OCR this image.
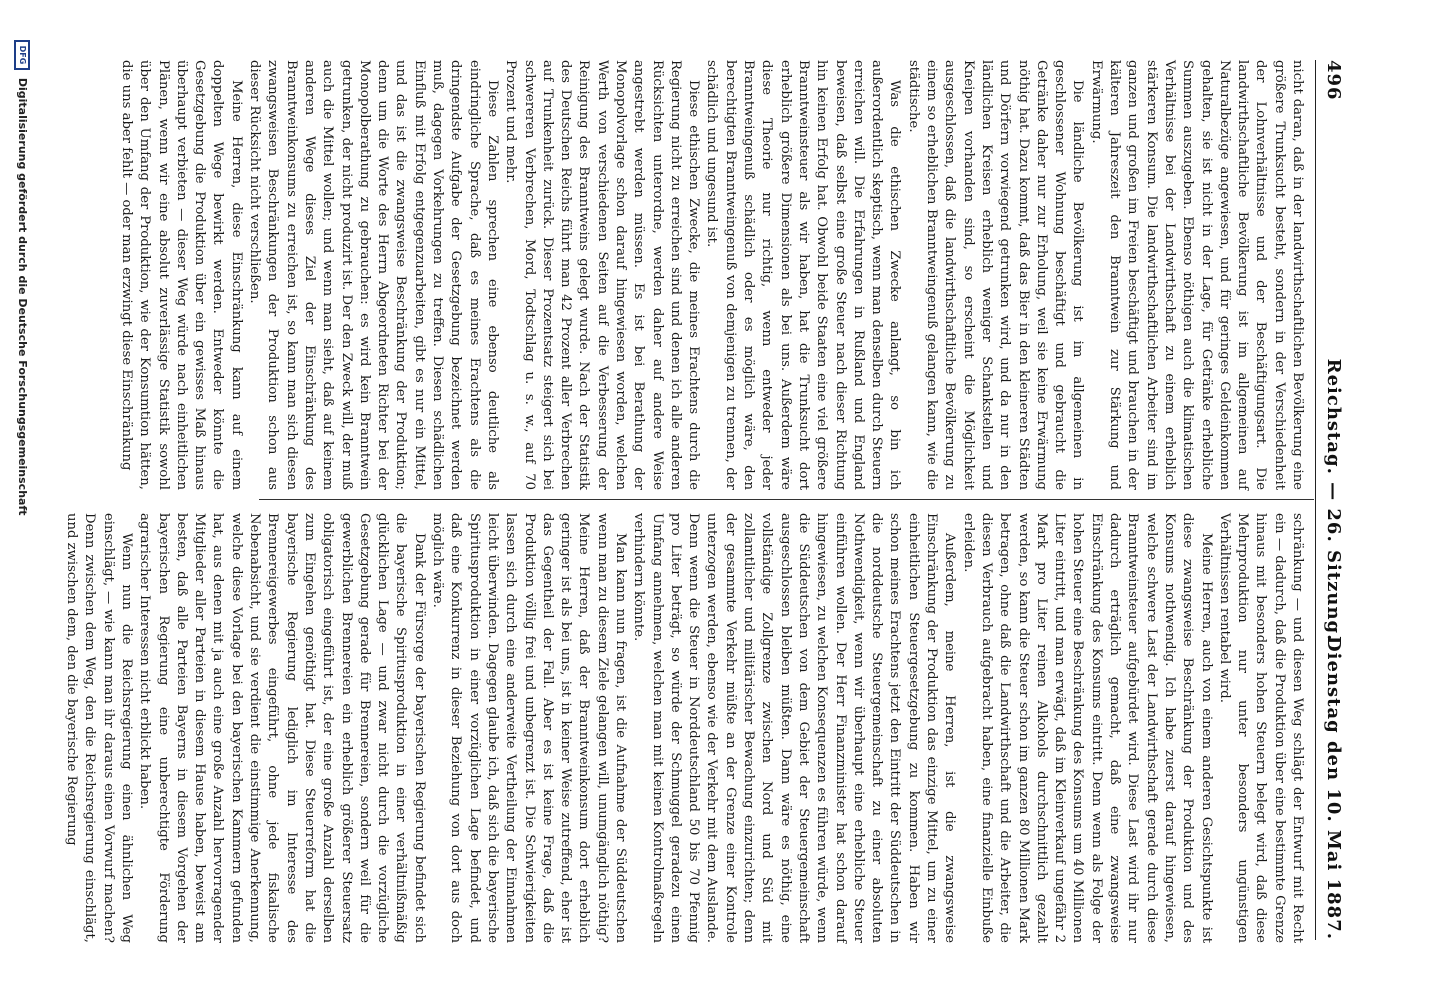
496
Reichstag. — 26. Sitzung.
Dienstag den 10. Mai 1887.

nicht daran, daß in der landwirthschaftlichen Bevölkerung eine größere Trunksucht besteht, sondern in der Verschiedenheit der Lohnverhältnisse und der Beschäftigungsart. Die landwirthschaftliche Bevölkerung ist im allgemeinen auf Naturalbezüge angewiesen, und für geringes Geldeinkommen gehalten, sie ist nicht in der Lage, für Getränke erhebliche Summen auszugeben. Ebenso nöthigen auch die klimatischen Verhältnisse bei der Landwirthschaft zu einem erheblich stärkeren Konsum. Die landwirthschaftlichen Arbeiter sind im ganzen und großen im Freien beschäftigt und brauchen in der kälteren Jahreszeit den Branntwein zur Stärkung und Erwärmung.

Die ländliche Bevölkerung ist im allgemeinen in geschlossener Wohnung beschäftigt und gebraucht die Getränke daher nur zur Erholung, weil sie keine Erwärmung nöthig hat. Dazu kommt, daß das Bier in den kleineren Städten und Dörfern vorwiegend getrunken wird, und da nur in den ländlichen Kreisen erheblich weniger Schankstellen und Kneipen vorhanden sind, so erscheint die Möglichkeit ausgeschlossen, daß die landwirthschaftliche Bevölkerung zu einem so erheblichen Branntweingenuß gelangen kann, wie die städtische.

Was die ethischen Zwecke anlangt, so bin ich außerordentlich skeptisch, wenn man denselben durch Steuern erreichen will. Die Erfahrungen in Rußland und England beweisen, daß selbst eine große Steuer nach dieser Richtung hin keinen Erfolg hat. Obwohl beide Staaten eine viel größere Branntweinsteuer als wir haben, hat die Trunksucht dort erheblich größere Dimensionen als bei uns. Außerdem wäre diese Theorie nur richtig, wenn entweder jeder Branntweingenuß schädlich oder es möglich wäre, den berechtigten Branntweingenuß von demjenigen zu trennen, der schädlich und ungesund ist.

Diese ethischen Zwecke, die meines Erachtens durch die Regierung nicht zu erreichen sind und denen ich alle anderen Rücksichten unterordne, werden daher auf andere Weise angestrebt werden müssen. Es ist bei Berathung der Monopolvorlage schon darauf hingewiesen worden, welchen Werth von verschiedenen Seiten auf die Verbesserung der Reinigung des Branntweins gelegt wurde. Nach der Statistik des Deutschen Reichs führt man 42 Prozent aller Verbrechen auf Trunkenheit zurück. Dieser Prozentsatz steigert sich bei schwereren Verbrechen, Mord, Todtschlag u. s. w., auf 70 Prozent und mehr.

Diese Zahlen sprechen eine ebenso deutliche als eindringliche Sprache, daß es meines Erachtens als die dringendste Aufgabe der Gesetzgebung bezeichnet werden muß, dagegen Vorkehrungen zu treffen. Diesen schädlichen Einfluß mit Erfolg entgegenzuarbeiten, gibt es nur ein Mittel, und das ist die zwangsweise Beschränkung der Produktion; denn um die Worte des Herrn Abgeordneten Richter bei der Monopolberathung zu gebrauchen: es wird kein Branntwein getrunken, der nicht produzirt ist. Der den Zweck will, der muß auch die Mittel wollen; und wenn man sieht, daß auf keinem anderen Wege dieses Ziel der Einschränkung des Branntweinkonsums zu erreichen ist, so kann man sich diesen zwangsweisen Beschränkungen der Produktion schon aus dieser Rücksicht nicht verschließen.

Meine Herren, diese Einschränkung kann auf einem doppelten Wege bewirkt werden. Entweder könnte die Gesetzgebung die Produktion über ein gewisses Maß hinaus überhaupt verbieten — dieser Weg würde nach einheitlichen Plänen, wenn wir eine absolut zuverlässige Statistik sowohl über den Umfang der Produktion, wie der Konsumtion hätten, die uns aber fehlt — oder man erzwingt diese Einschränkung

schränkung — und diesen Weg schlägt der Entwurf mit Recht ein — dadurch, daß die Produktion über eine bestimmte Grenze hinaus mit besonders hohen Steuern belegt wird, daß diese Mehrproduktion nur unter besonders ungünstigen Verhältnissen rentabel wird.

Meine Herren, auch von einem anderen Gesichtspunkte ist diese zwangsweise Beschränkung der Produktion und des Konsums nothwendig. Ich habe zuerst darauf hingewiesen, welche schwere Last der Landwirthschaft gerade durch diese Branntweinsteuer aufgebürdet wird. Diese Last wird ihr nur dadurch erträglich gemacht, daß eine zwangsweise Einschränkung des Konsums eintritt. Denn wenn als Folge der hohen Steuer eine Beschränkung des Konsums um 40 Millionen Liter eintritt, und man erwägt, daß im Kleinverkauf ungefähr 2 Mark pro Liter reinen Alkohols durchschnittlich gezahlt werden, so kann die Steuer schon im ganzen 80 Millionen Mark betragen, ohne daß die Landwirthschaft und die Arbeiter, die diesen Verbrauch aufgebracht haben, eine finanzielle Einbuße erleiden.

Außerdem, meine Herren, ist die zwangsweise Einschränkung der Produktion das einzige Mittel, um zu einer einheitlichen Steuergesetzgebung zu kommen. Haben wir schon meines Erachtens jetzt den Eintritt der Süddeutschen in die norddeutsche Steuergemeinschaft zu einer absoluten Nothwendigkeit, wenn wir überhaupt eine erhebliche Steuer einführen wollen. Der Herr Finanzminister hat schon darauf hingewiesen, zu welchen Konsequenzen es führen würde, wenn die Süddeutschen von dem Gebiet der Steuergemeinschaft ausgeschlossen bleiben müßten. Dann wäre es nöthig, eine vollständige Zollgrenze zwischen Nord und Süd mit zollamtlicher und militärischer Bewachung einzurichten; denn der gesammte Verkehr müßte an der Grenze einer Kontrole unterzogen werden, ebenso wie der Verkehr mit dem Auslande. Denn wenn die Steuer in Norddeutschland 50 bis 70 Pfennig pro Liter beträgt, so würde der Schmuggel geradezu einen Umfang annehmen, welchen man mit keinen Kontrolmaßregeln verhindern könnte.

Man kann nun fragen, ist die Aufnahme der Süddeutschen wenn man zu diesem Ziele gelangen will, unumgänglich nöthig? Meine Herren, daß der Branntweinkonsum dort erheblich geringer ist als bei uns, ist in keiner Weise zutreffend, eher ist das Gegentheil der Fall. Aber es ist keine Frage, daß die Produktion völlig frei und unbegrenzt ist. Die Schwierigkeiten lassen sich durch eine anderweite Vertheilung der Einnahmen leicht überwinden. Dagegen glaube ich, daß sich die bayerische Spiritusproduktion in einer vorzüglichen Lage befindet, und daß eine Konkurrenz in dieser Beziehung von dort aus doch möglich wäre.

Dank der Fürsorge der bayerischen Regierung befindet sich die bayerische Spiritusproduktion in einer verhältnißmäßig glücklichen Lage — und zwar nicht durch die vorzügliche Gesetzgebung gerade für Brennereien, sondern weil für die gewerblichen Brennereien ein erheblich größerer Steuersatz obligatorisch eingeführt ist, der eine große Anzahl derselben zum Eingehen genöthigt hat. Diese Steuerreform hat die bayerische Regierung lediglich im Interesse des Brennereigewerbes eingeführt, ohne jede fiskalische Nebenabsicht, und sie verdient die einstimmige Anerkennung, welche diese Vorlage bei den bayerischen Kammern gefunden hat, aus denen mit ja auch eine große Anzahl hervorragender Mitglieder aller Parteien in diesem Hause haben, beweist am besten, daß alle Parteien Bayerns in diesem Vorgehen der bayerischen Regierung eine unberechtigte Förderung agrarischer Interessen nicht erblickt haben.

Wenn nun die Reichsregierung einen ähnlichen Weg einschlägt, — wie kann man ihr daraus einen Vorwurf machen? Denn zwischen dem Weg, den die Reichsregierung einschlägt, und zwischen dem, den die bayerische Regierung

DFG Digitalisierung gefördert durch die Deutsche Forschungsgemeinschaft
